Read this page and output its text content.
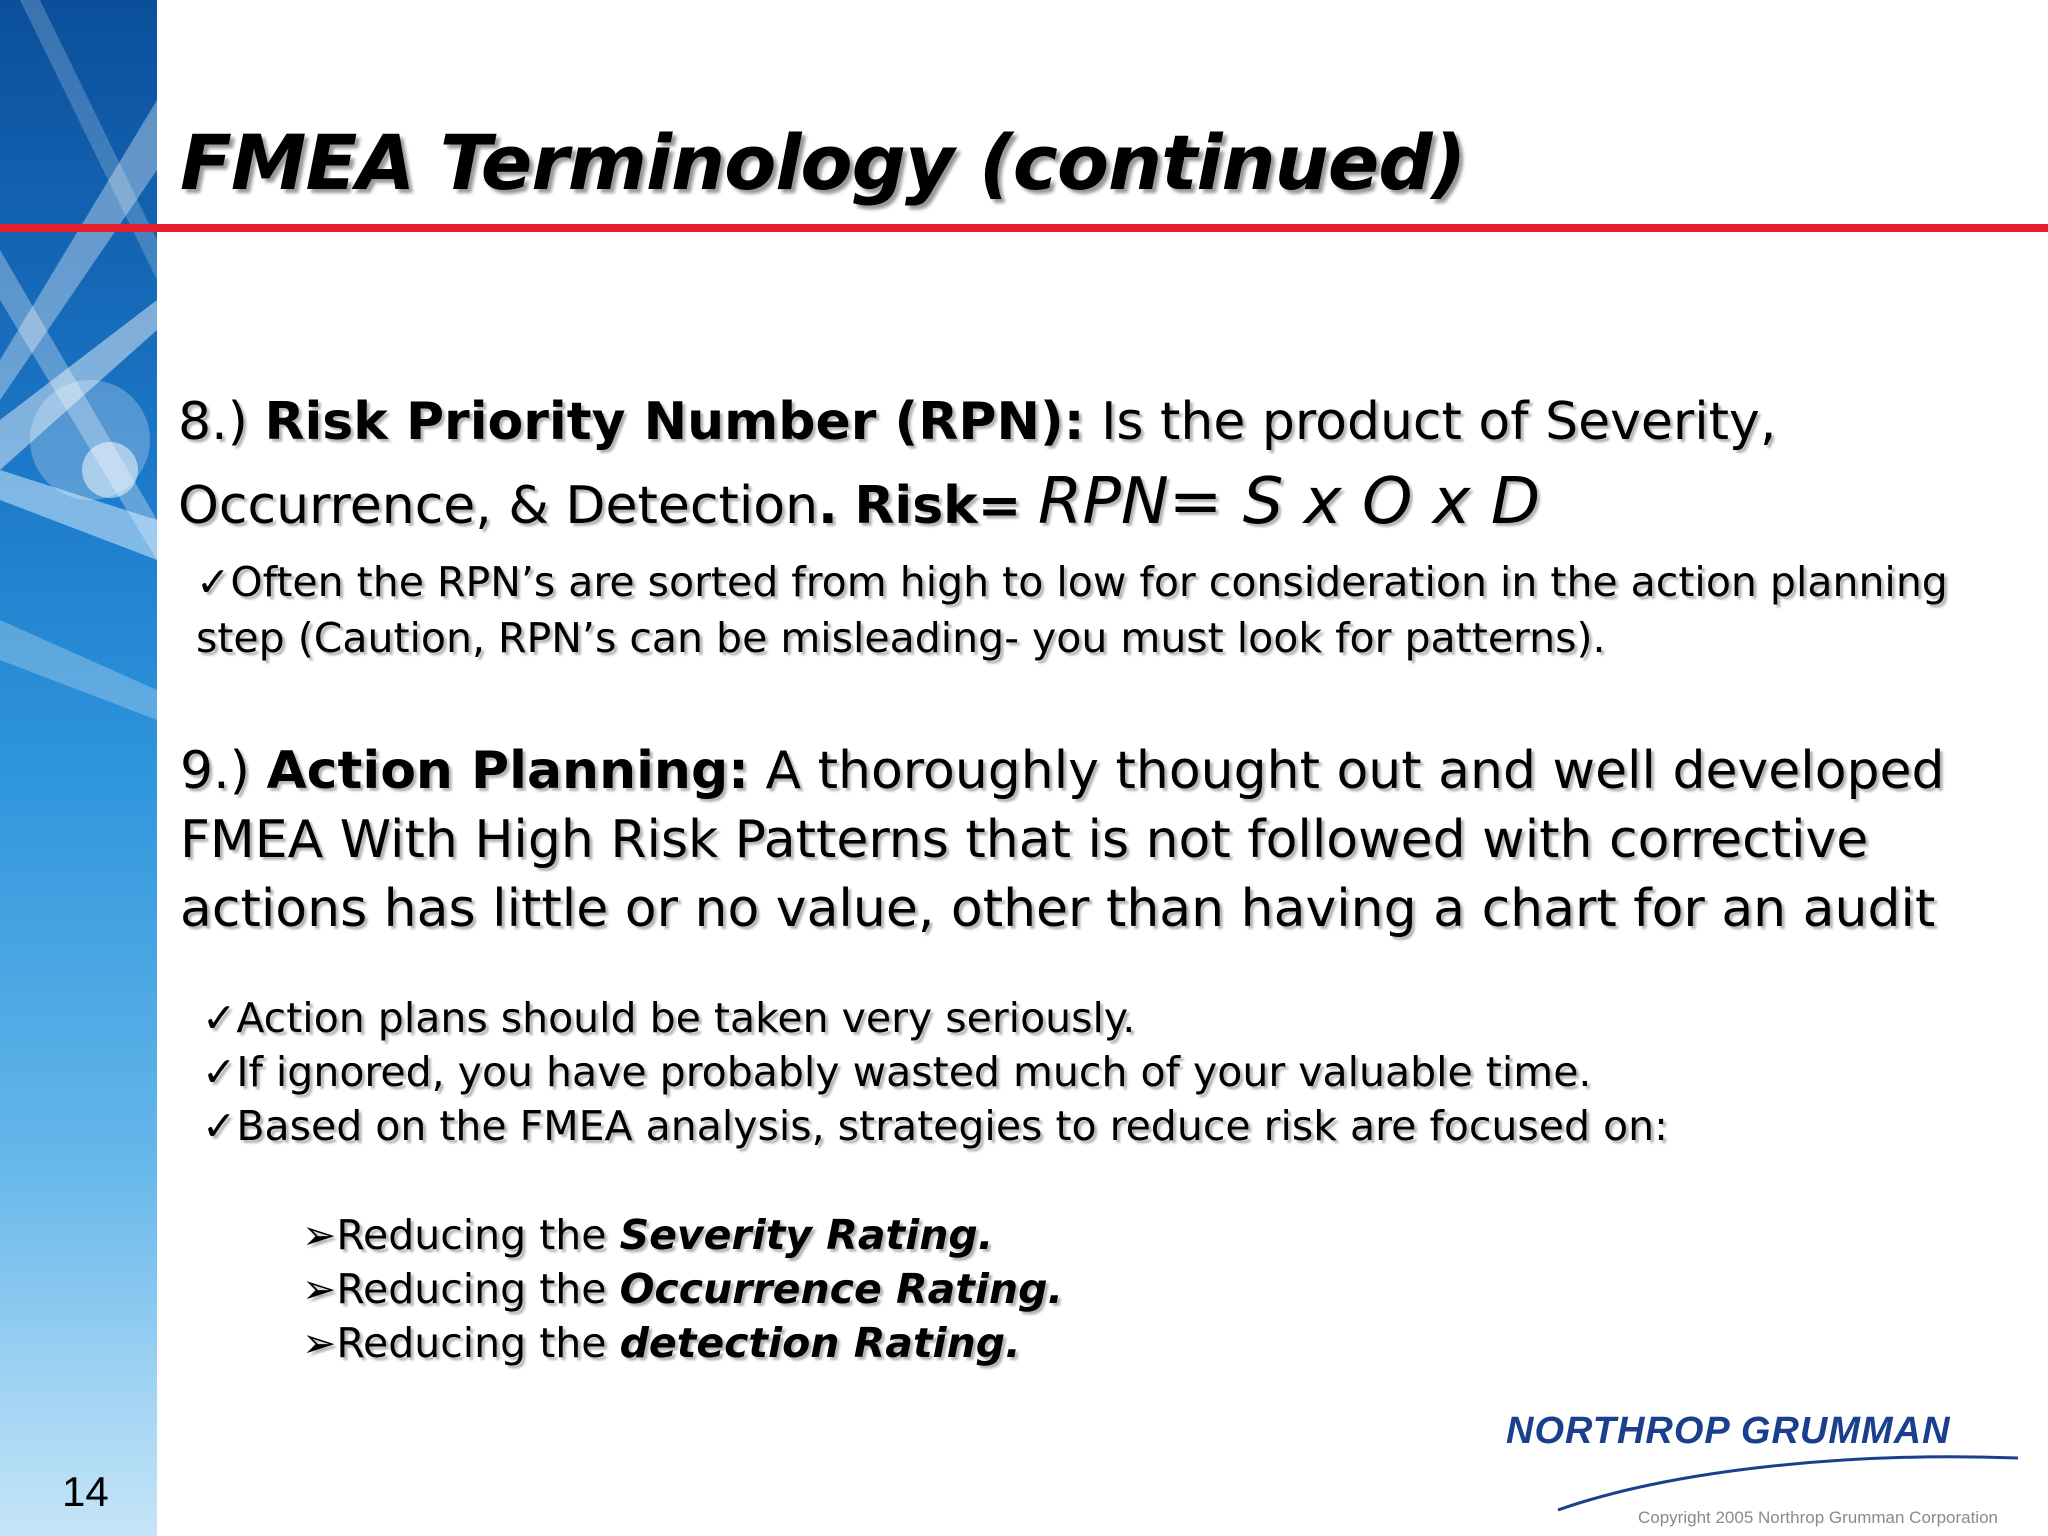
FMEA Terminology (continued)
8.) Risk Priority Number (RPN): Is the product of Severity, Occurrence, & Detection. Risk= RPN= S x O x D
✓Often the RPN’s are sorted from high to low for consideration in the action planning step (Caution, RPN’s can be misleading- you must look for patterns).
9.) Action Planning: A thoroughly thought out and well developed FMEA With High Risk Patterns that is not followed with corrective actions has little or no value, other than having a chart for an audit
✓Action plans should be taken very seriously.
✓If ignored, you have probably wasted much of your valuable time.
✓Based on the FMEA analysis, strategies to reduce risk are focused on:
➢Reducing the Severity Rating.
➢Reducing the Occurrence Rating.
➢Reducing the detection Rating.
14
NORTHROP GRUMMAN
Copyright 2005 Northrop Grumman Corporation
